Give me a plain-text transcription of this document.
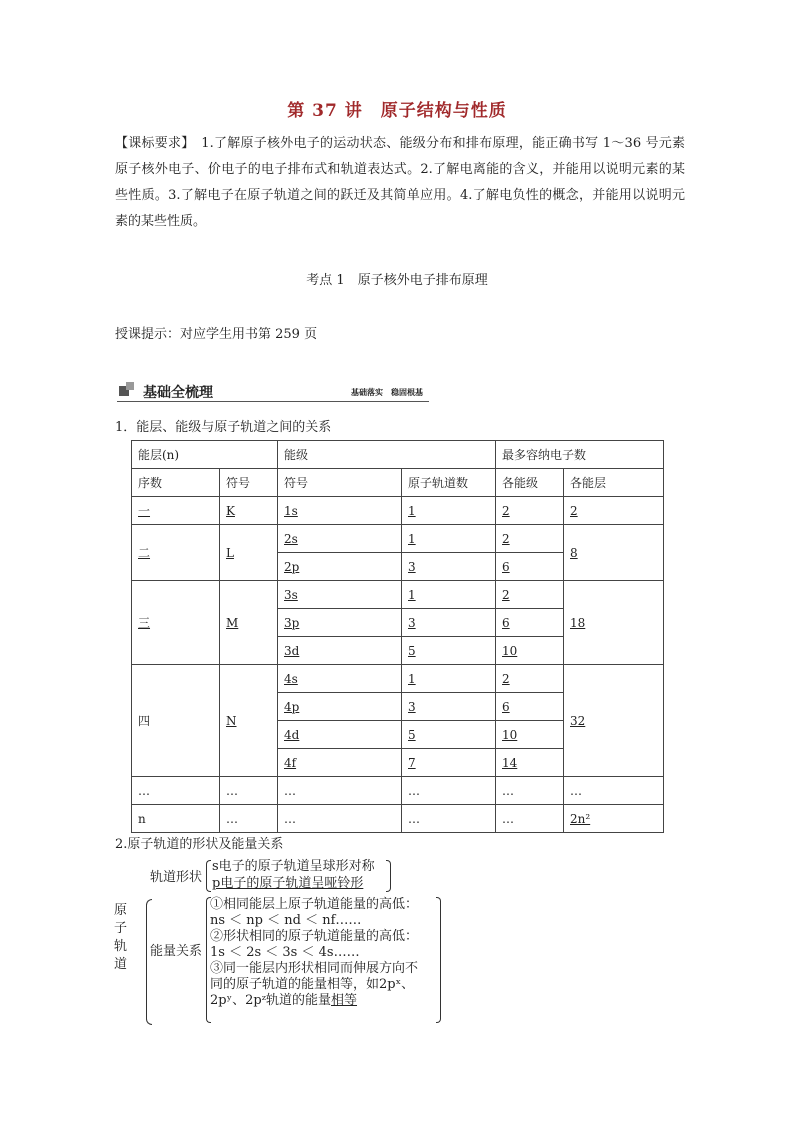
第 37 讲　原子结构与性质
【课标要求】　1.了解原子核外电子的运动状态、能级分布和排布原理，能正确书写 1～36 号元素原子核外电子、价电子的电子排布式和轨道表达式。2.了解电离能的含义，并能用以说明元素的某些性质。3.了解电子在原子轨道之间的跃迁及其简单应用。4.了解电负性的概念，并能用以说明元素的某些性质。
考点 1　原子核外电子排布原理
授课提示：对应学生用书第 259 页
基础全梳理	基础落实　稳固根基
1．能层、能级与原子轨道之间的关系
能层(n)		能级		最多容纳电子数	
序数	符号	符号	原子轨道数	各能级	各能层
一	K	1s	1	2	2
二	L	2s	1	2	8
		2p	3	6	
三	M	3s	1	2	18
		3p	3	6	
		3d	5	10	
四	N	4s	1	2	32
		4p	3	6	
		4d	5	10	
		4f	7	14	
…	…	…	…	…	…
n	…	…	…	…	2n²
2.原子轨道的形状及能量关系
原
子
轨
道
轨道形状
s电子的原子轨道呈球形对称
p电子的原子轨道呈哑铃形
能量关系
①相同能层上原子轨道能量的高低：
ns ＜ np ＜ nd ＜ nf……
②形状相同的原子轨道能量的高低：
1s ＜ 2s ＜ 3s ＜ 4s……
③同一能层内形状相同而伸展方向不
同的原子轨道的能量相等，如2pˣ、
2pʸ、2pᶻ轨道的能量相等
